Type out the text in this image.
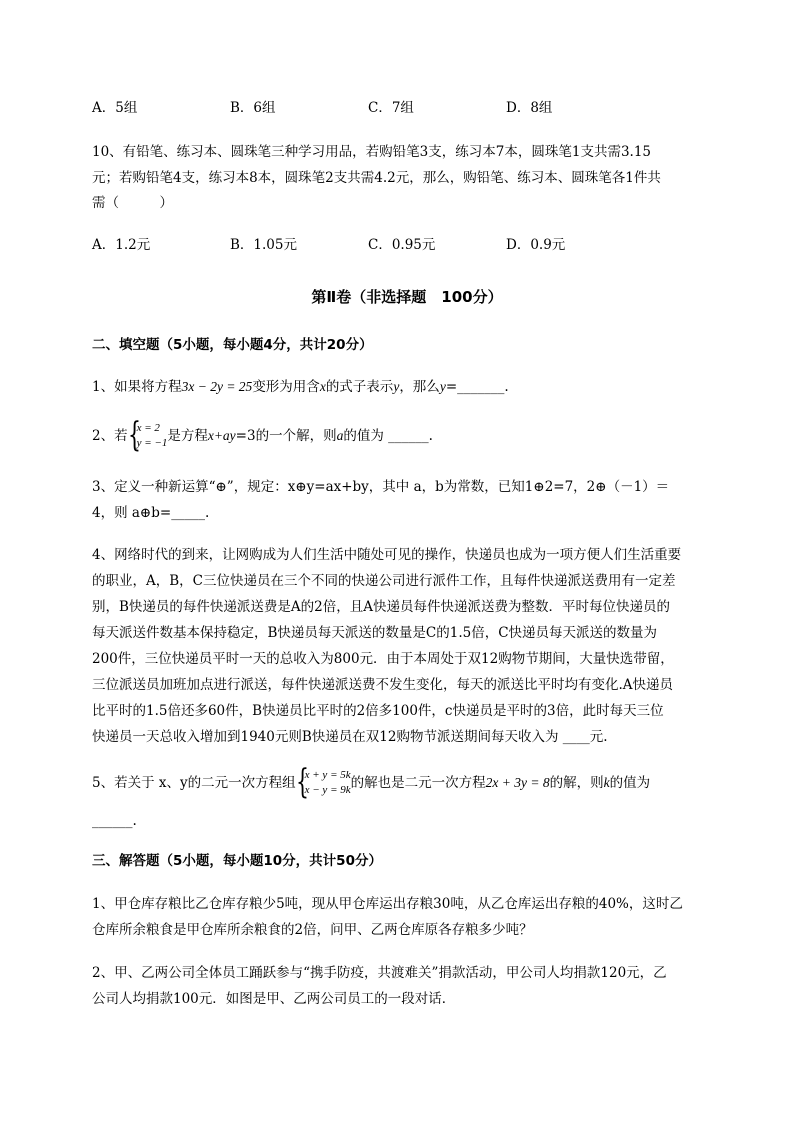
A．5组	B．6组	C．7组	D．8组
10、有铅笔、练习本、圆珠笔三种学习用品，若购铅笔3支，练习本7本，圆珠笔1支共需3.15
元；若购铅笔4支，练习本8本，圆珠笔2支共需4.2元，那么，购铅笔、练习本、圆珠笔各1件共
需（　　　）
A．1.2元	B．1.05元	C．0.95元	D．0.9元
第Ⅱ卷（非选择题　100分）
二、填空题（5小题，每小题4分，共计20分）
1、如果将方程3x − 2y = 25变形为用含x的式子表示y，那么y=_______.
2、若 {
x = 2
y = −1 是方程x+ay=3的一个解，则a的值为 ______.
3、定义一种新运算“⊕”，规定：x⊕y=ax+by，其中 a，b为常数，已知1⊕2=7，2⊕（－1）＝
4，则 a⊕b=_____.
4、网络时代的到来，让网购成为人们生活中随处可见的操作，快递员也成为一项方便人们生活重要
的职业，A，B，C三位快递员在三个不同的快递公司进行派件工作，且每件快递派送费用有一定差
别，B快递员的每件快递派送费是A的2倍，且A快递员每件快递派送费为整数．平时每位快递员的
每天派送件数基本保持稳定，B快递员每天派送的数量是C的1.5倍，C快递员每天派送的数量为
200件，三位快递员平时一天的总收入为800元．由于本周处于双12购物节期间，大量快选带留，
三位派送员加班加点进行派送，每件快递派送费不发生变化，每天的派送比平时均有变化.A快递员
比平时的1.5倍还多60件，B快递员比平时的2倍多100件，c快递员是平时的3倍，此时每天三位
快递员一天总收入增加到1940元则B快递员在双12购物节派送期间每天收入为 ____元.
5、若关于 x、y的二元一次方程组 {
x + y = 5k
x − y = 9k 的解也是二元一次方程2x + 3y = 8的解，则k的值为
______.
三、解答题（5小题，每小题10分，共计50分）
1、甲仓库存粮比乙仓库存粮少5吨，现从甲仓库运出存粮30吨，从乙仓库运出存粮的40%，这时乙
仓库所余粮食是甲仓库所余粮食的2倍，问甲、乙两仓库原各存粮多少吨？
2、甲、乙两公司全体员工踊跃参与“携手防疫，共渡难关”捐款活动，甲公司人均捐款120元，乙
公司人均捐款100元．如图是甲、乙两公司员工的一段对话．
